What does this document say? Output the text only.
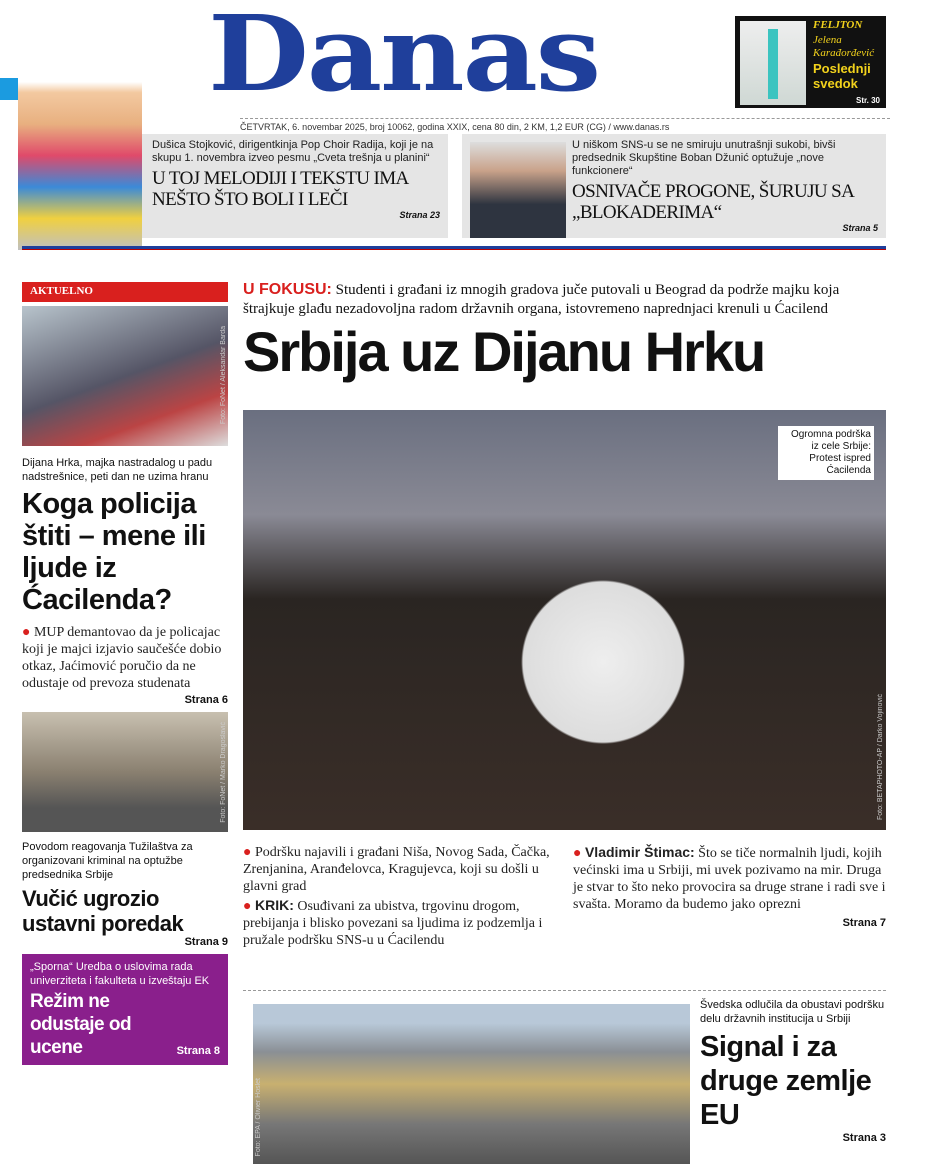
Danas	FELJTON
Jelena Karađorđević
Poslednji svedok
Str. 30
ČETVRTAK, 6. novembar 2025, broj 10062, godina XXIX, cena 80 din, 2 KM, 1,2 EUR (CG) / www.danas.rs
Dušica Stojković, dirigentkinja Pop Choir Radija, koji je na skupu 1. novembra izveo pesmu „Cveta trešnja u planini“
U TOJ MELODIJI I TEKSTU IMA NEŠTO ŠTO BOLI I LEČI
Strana 23
U niškom SNS-u se ne smiruju unutrašnji sukobi, bivši predsednik Skupštine Boban Džunić optužuje „nove funkcionere“
OSNIVAČE PROGONE, ŠURUJU SA „BLOKADERIMA“
Strana 5
AKTUELNO
Foto: FoNet / Aleksandar Barda
Dijana Hrka, majka nastradalog u padu nadstrešnice, peti dan ne uzima hranu
Koga policija štiti – mene ili ljude iz Ćacilenda?
● MUP demantovao da je policajac koji je majci izjavio saučešće dobio otkaz, Jaćimović poručio da ne odustaje od prevoza studenata
Strana 6
Foto: FoNet / Marko Dragoslavić
Povodom reagovanja Tužilaštva za organizovani kriminal na optužbe predsednika Srbije
Vučić ugrozio ustavni poredak
Strana 9
„Sporna“ Uredba o uslovima rada univerziteta i fakulteta u izveštaju EK
Režim ne odustaje od ucene	Strana 8
U FOKUSU: Studenti i građani iz mnogih gradova juče putovali u Beograd da podrže majku koja štrajkuje glađu nezadovoljna radom državnih organa, istovremeno naprednjaci krenuli u Ćacilend
Srbija uz Dijanu Hrku
Ogromna podrška iz cele Srbije: Protest ispred Ćacilenda
Foto: BETAPHOTO-AP / Darko Vojinović
● Podršku najavili i građani Niša, Novog Sada, Čačka, Zrenjanina, Aranđelovca, Kragujevca, koji su došli u glavni grad
● KRIK: Osuđivani za ubistva, trgovinu drogom, prebijanja i blisko povezani sa ljudima iz podzemlja i pružale podršku SNS-u u Ćacilendu
● Vladimir Štimac: Što se tiče normalnih ljudi, kojih većinski ima u Srbiji, mi uvek pozivamo na mir. Druga je stvar to što neko provocira sa druge strane i radi sve i svašta. Moramo da budemo jako oprezni
Strana 7
Foto: EPA / Olivier Hoslet
Švedska odlučila da obustavi podršku delu državnih institucija u Srbiji
Signal i za druge zemlje EU
Strana 3
